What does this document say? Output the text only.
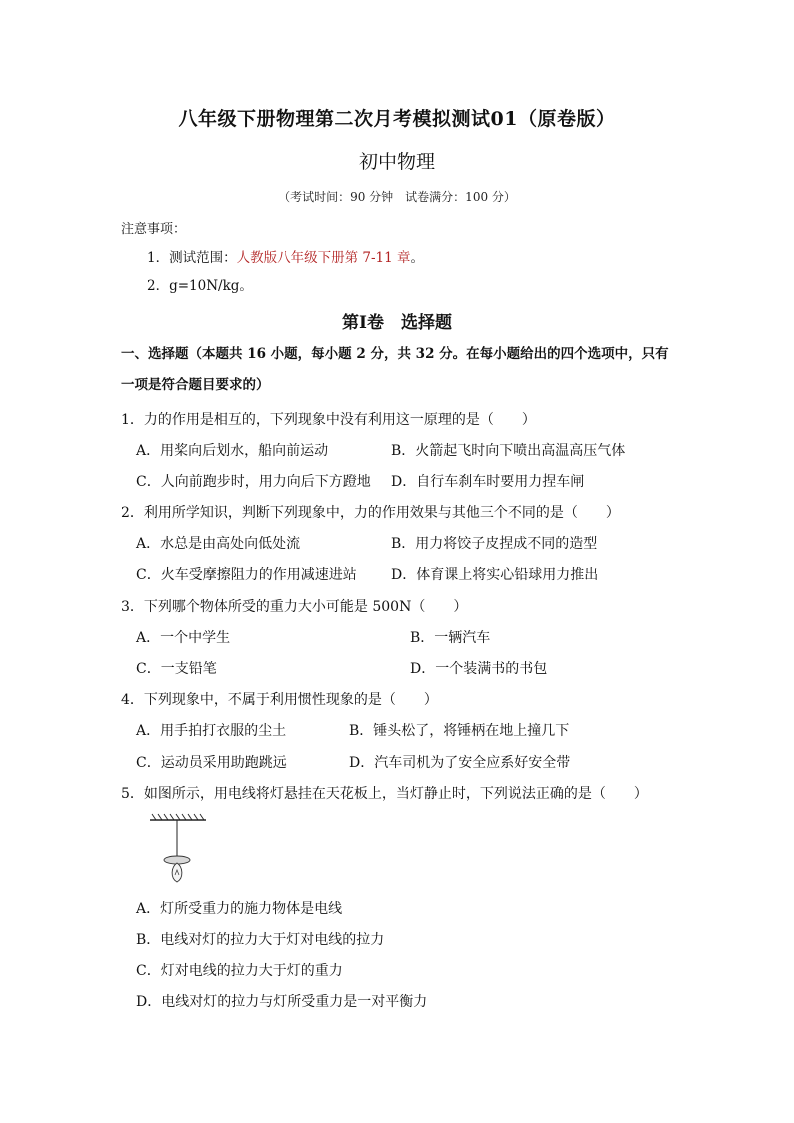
八年级下册物理第二次月考模拟测试01（原卷版）
初中物理
（考试时间：90 分钟　试卷满分：100 分）
注意事项：
1．测试范围：人教版八年级下册第 7-11 章。
2．g=10N/kg。
第Ⅰ卷　选择题
一、选择题（本题共 16 小题，每小题 2 分，共 32 分。在每小题给出的四个选项中，只有一项是符合题目要求的）
1．力的作用是相互的，下列现象中没有利用这一原理的是（　　）
A．用桨向后划水，船向前运动	B．火箭起飞时向下喷出高温高压气体
C．人向前跑步时，用力向后下方蹬地 D．自行车刹车时要用力捏车闸
2．利用所学知识，判断下列现象中，力的作用效果与其他三个不同的是（　　）
A．水总是由高处向低处流	B．用力将饺子皮捏成不同的造型
C．火车受摩擦阻力的作用减速进站 D．体育课上将实心铅球用力推出
3．下列哪个物体所受的重力大小可能是 500N（　　）
A．一个中学生	B．一辆汽车
C．一支铅笔	D．一个装满书的书包
4．下列现象中，不属于利用惯性现象的是（　　）
A．用手拍打衣服的尘土	B．锤头松了，将锤柄在地上撞几下
C．运动员采用助跑跳远	D．汽车司机为了安全应系好安全带
5．如图所示，用电线将灯悬挂在天花板上，当灯静止时，下列说法正确的是（　　）
A．灯所受重力的施力物体是电线
B．电线对灯的拉力大于灯对电线的拉力
C．灯对电线的拉力大于灯的重力
D．电线对灯的拉力与灯所受重力是一对平衡力
